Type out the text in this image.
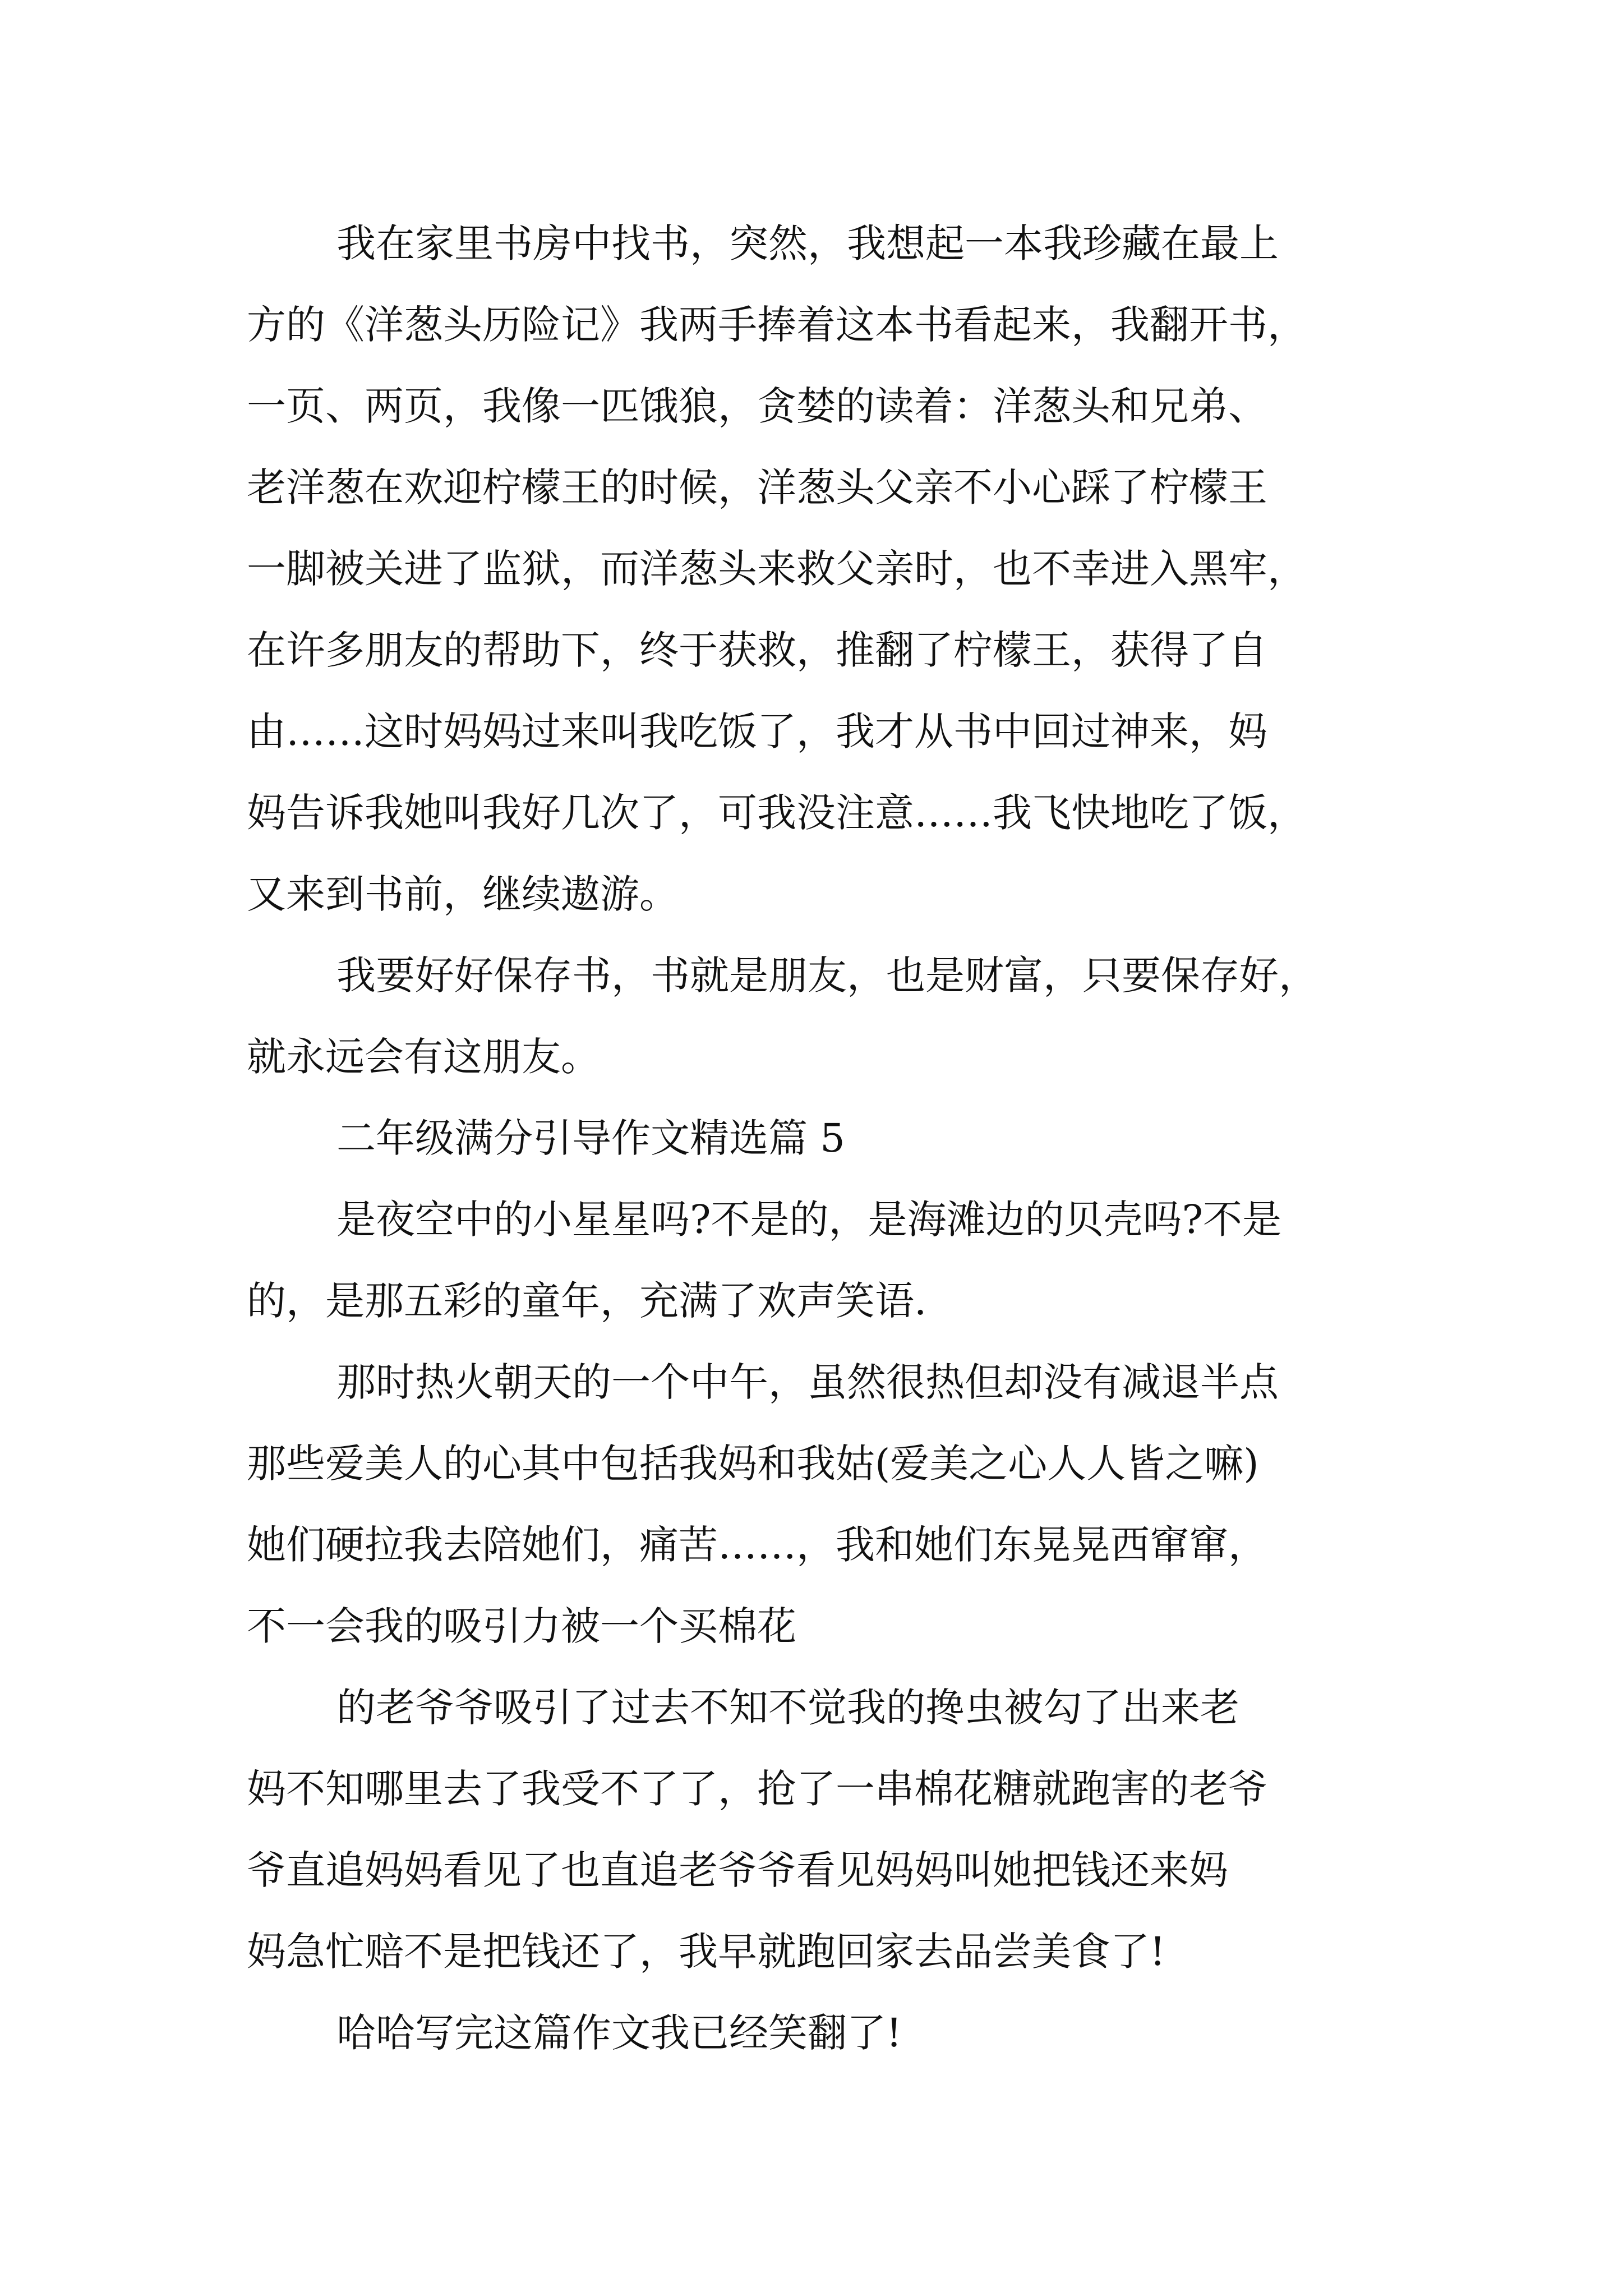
我在家里书房中找书，突然，我想起一本我珍藏在最上
方的《洋葱头历险记》我两手捧着这本书看起来，我翻开书，
一页、两页，我像一匹饿狼，贪婪的读着：洋葱头和兄弟、
老洋葱在欢迎柠檬王的时候，洋葱头父亲不小心踩了柠檬王
一脚被关进了监狱，而洋葱头来救父亲时，也不幸进入黑牢，
在许多朋友的帮助下，终于获救，推翻了柠檬王，获得了自
由……这时妈妈过来叫我吃饭了，我才从书中回过神来，妈
妈告诉我她叫我好几次了，可我没注意……我飞快地吃了饭，
又来到书前，继续遨游。
我要好好保存书，书就是朋友，也是财富，只要保存好，
就永远会有这朋友。
二年级满分引导作文精选篇 5
是夜空中的小星星吗?不是的，是海滩边的贝壳吗?不是
的，是那五彩的童年，充满了欢声笑语.
那时热火朝天的一个中午，虽然很热但却没有减退半点
那些爱美人的心其中包括我妈和我姑(爱美之心人人皆之嘛)
她们硬拉我去陪她们，痛苦……，我和她们东晃晃西窜窜，
不一会我的吸引力被一个买棉花
的老爷爷吸引了过去不知不觉我的搀虫被勾了出来老
妈不知哪里去了我受不了了，抢了一串棉花糖就跑害的老爷
爷直追妈妈看见了也直追老爷爷看见妈妈叫她把钱还来妈
妈急忙赔不是把钱还了，我早就跑回家去品尝美食了!
哈哈写完这篇作文我已经笑翻了!
